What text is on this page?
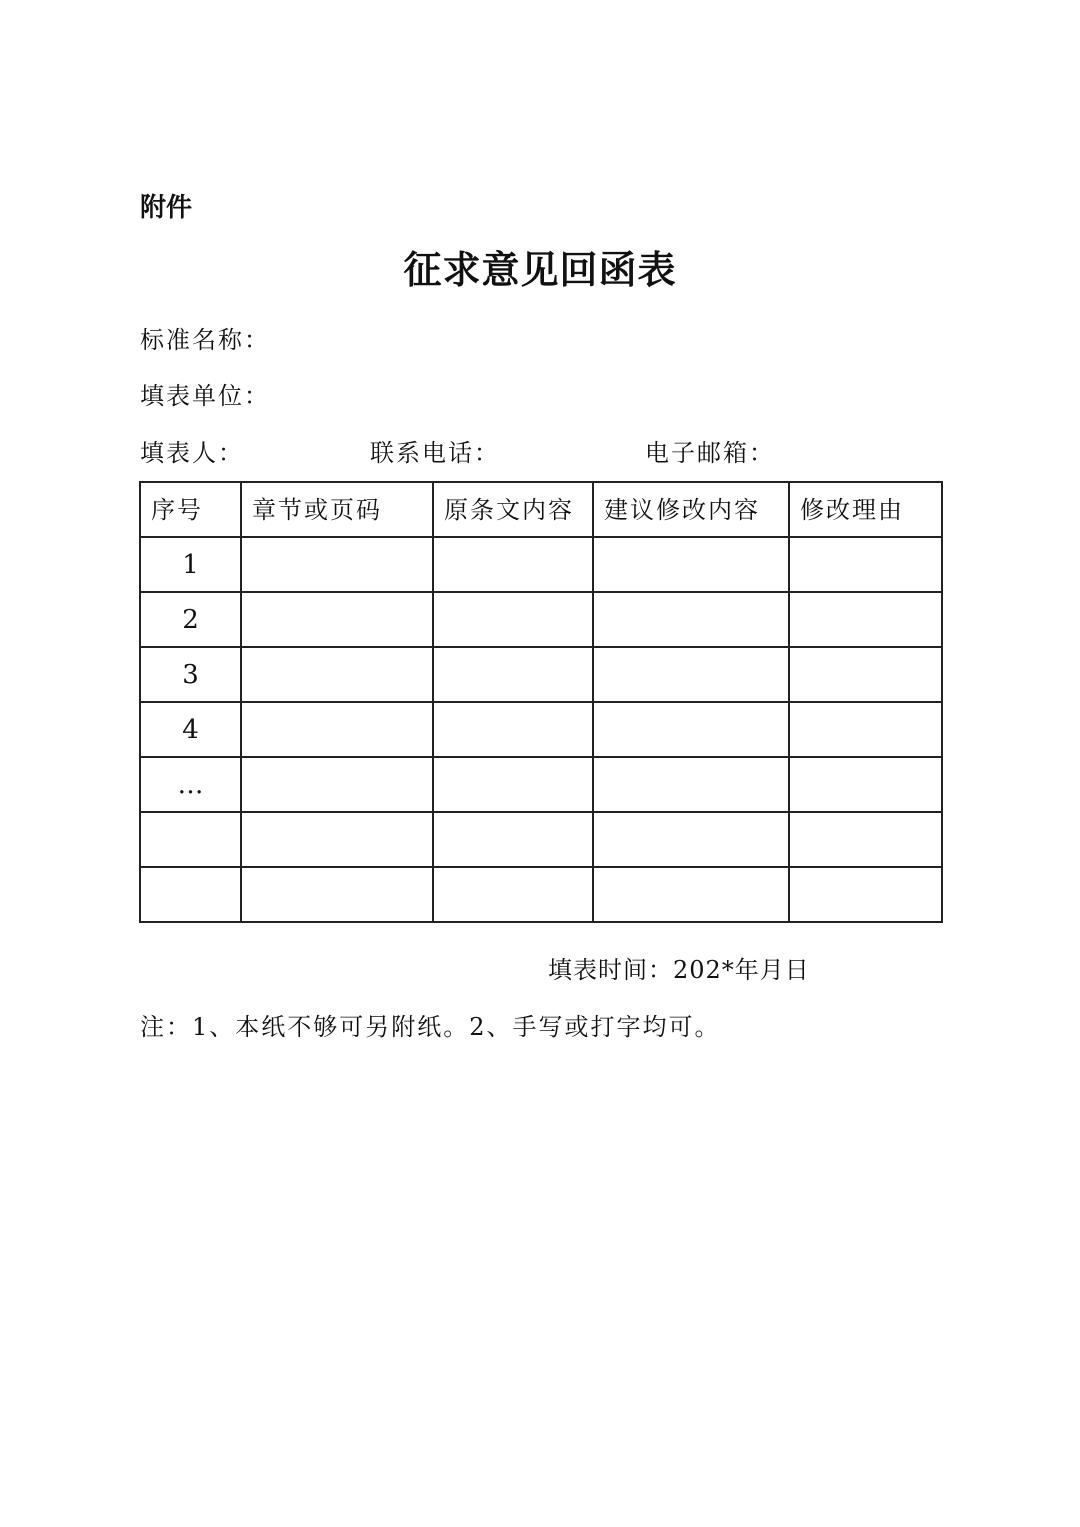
附件
征求意见回函表
标准名称：
填表单位：
填表人：	联系电话：	电子邮箱：
序号	章节或页码	原条文内容	建议修改内容	修改理由
1				
2				
3				
4				
…				

填表时间：202*年月日
注：1、本纸不够可另附纸。2、手写或打字均可。
